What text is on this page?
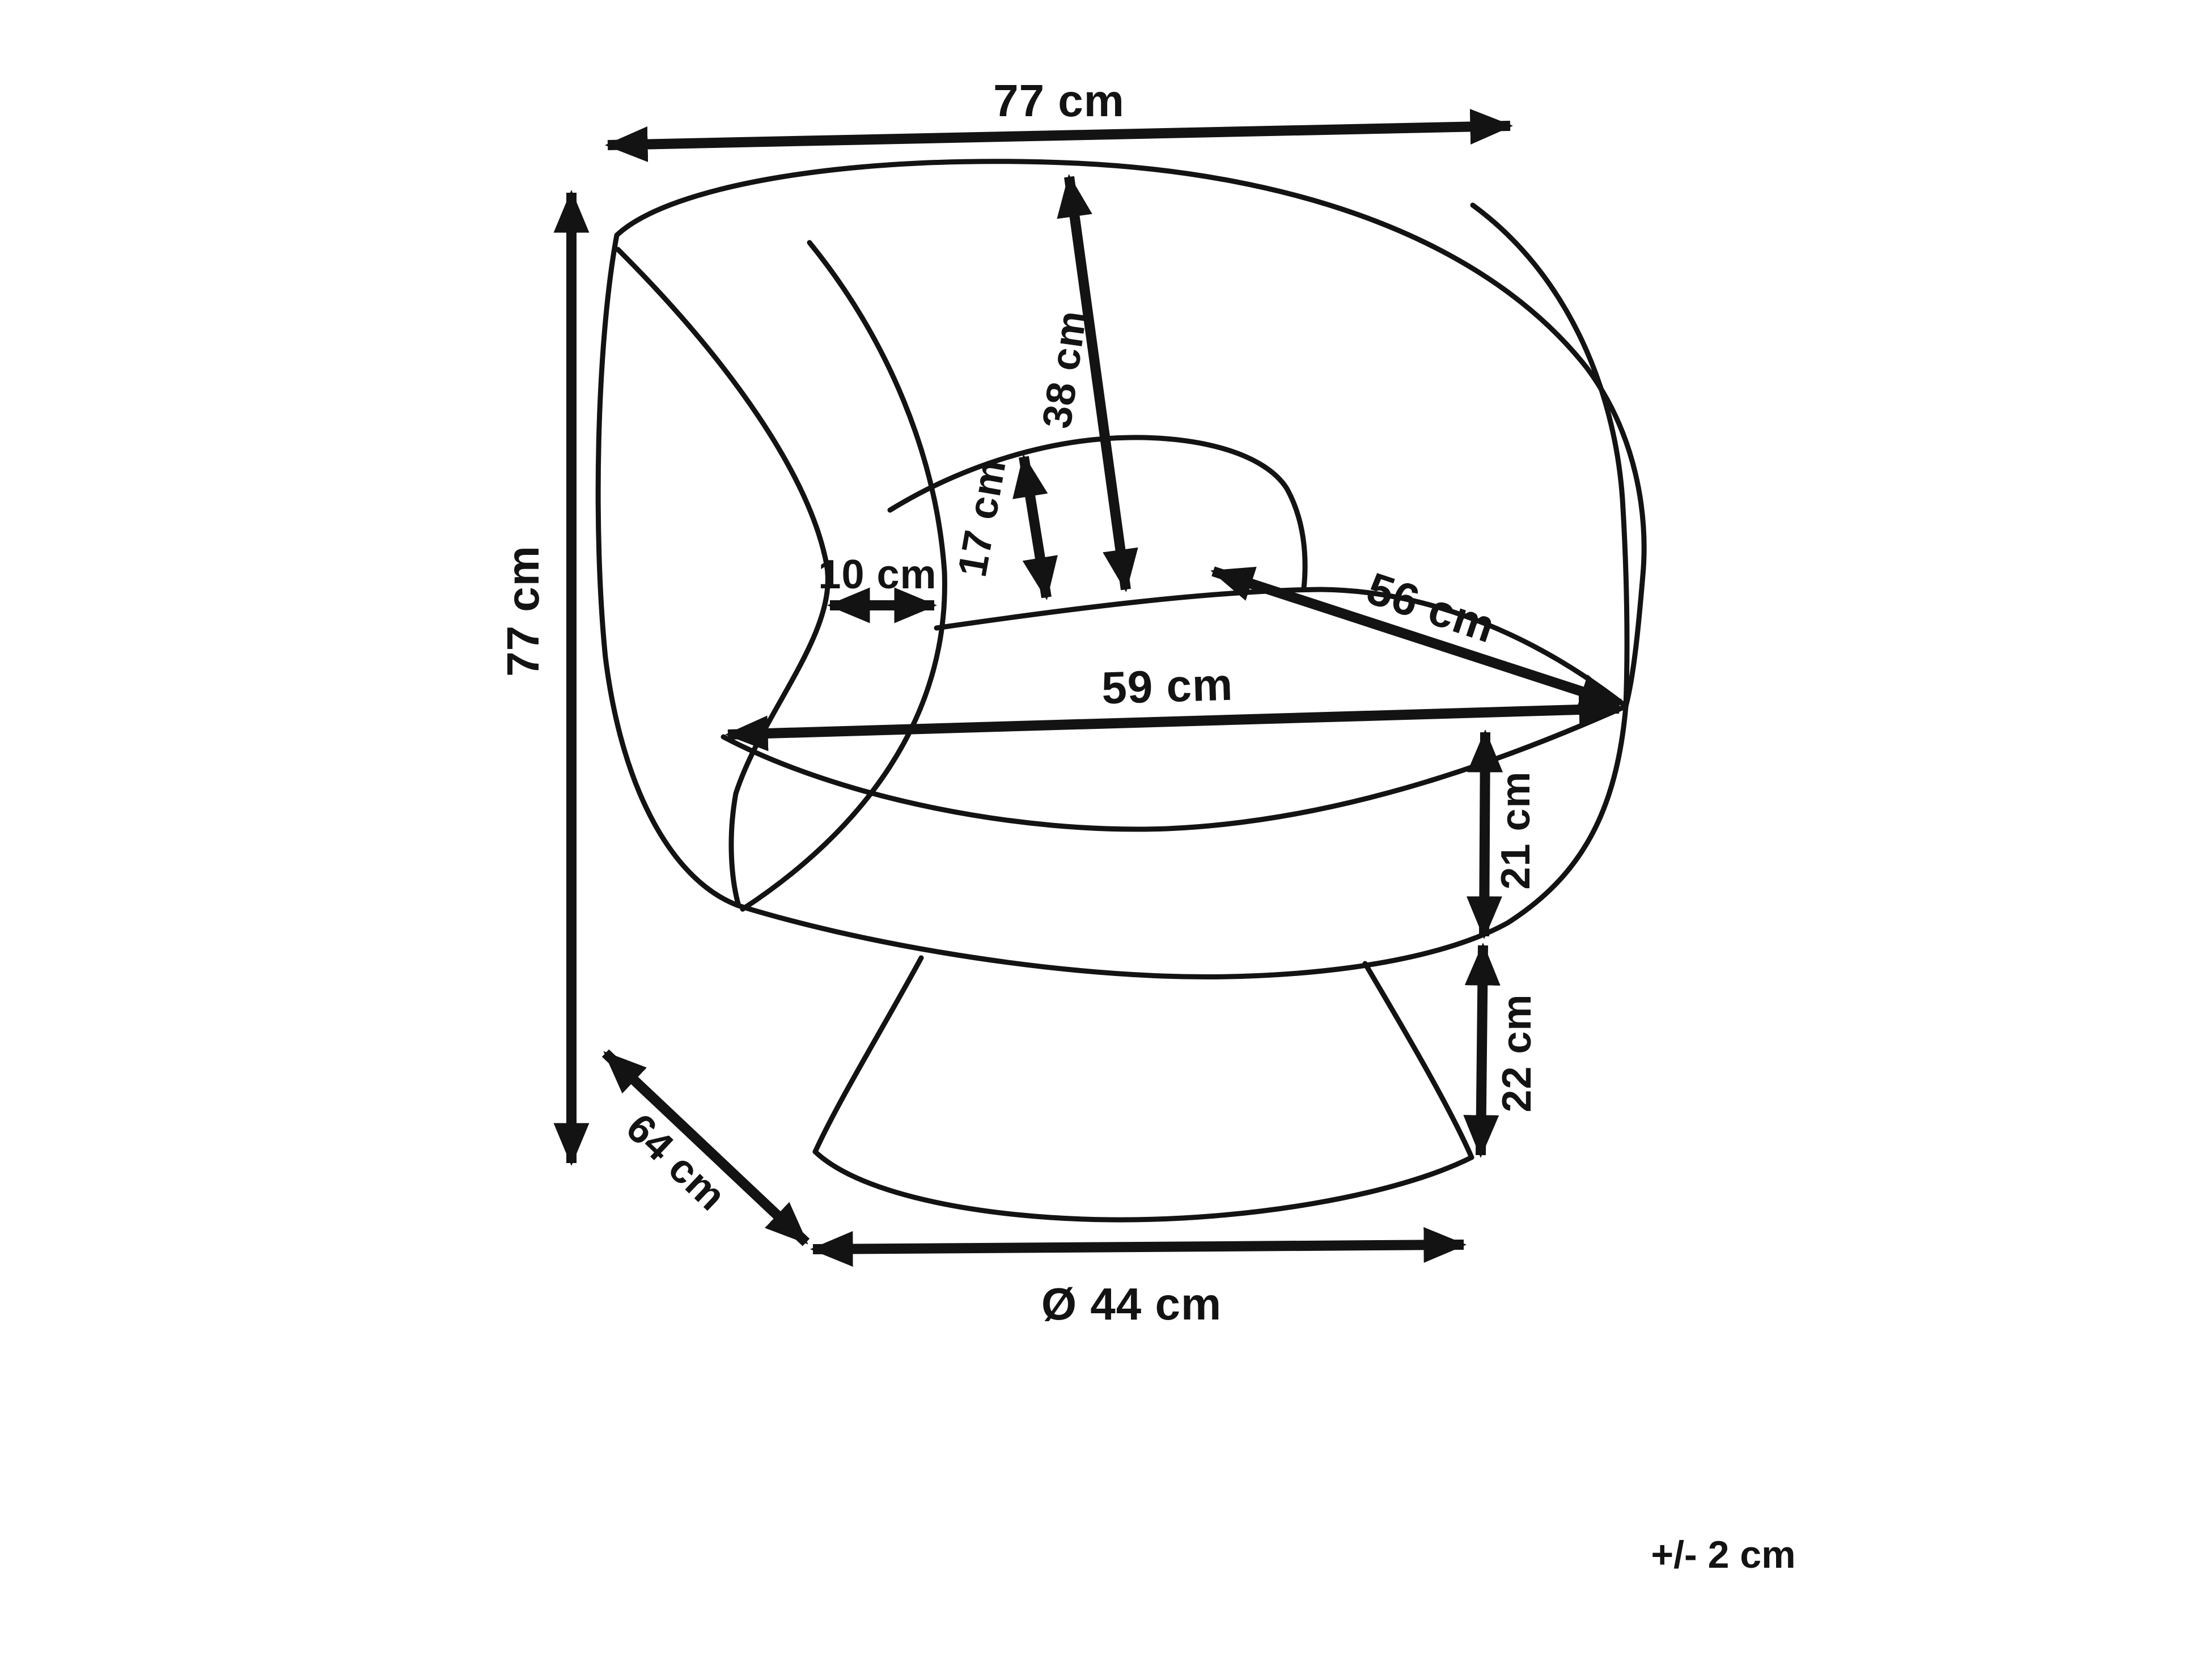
77 cm
77 cm
38 cm
17 cm
10 cm	56 cm
59 cm
21 cm
22 cm
64 cm
Ø 44 cm
+/- 2 cm
